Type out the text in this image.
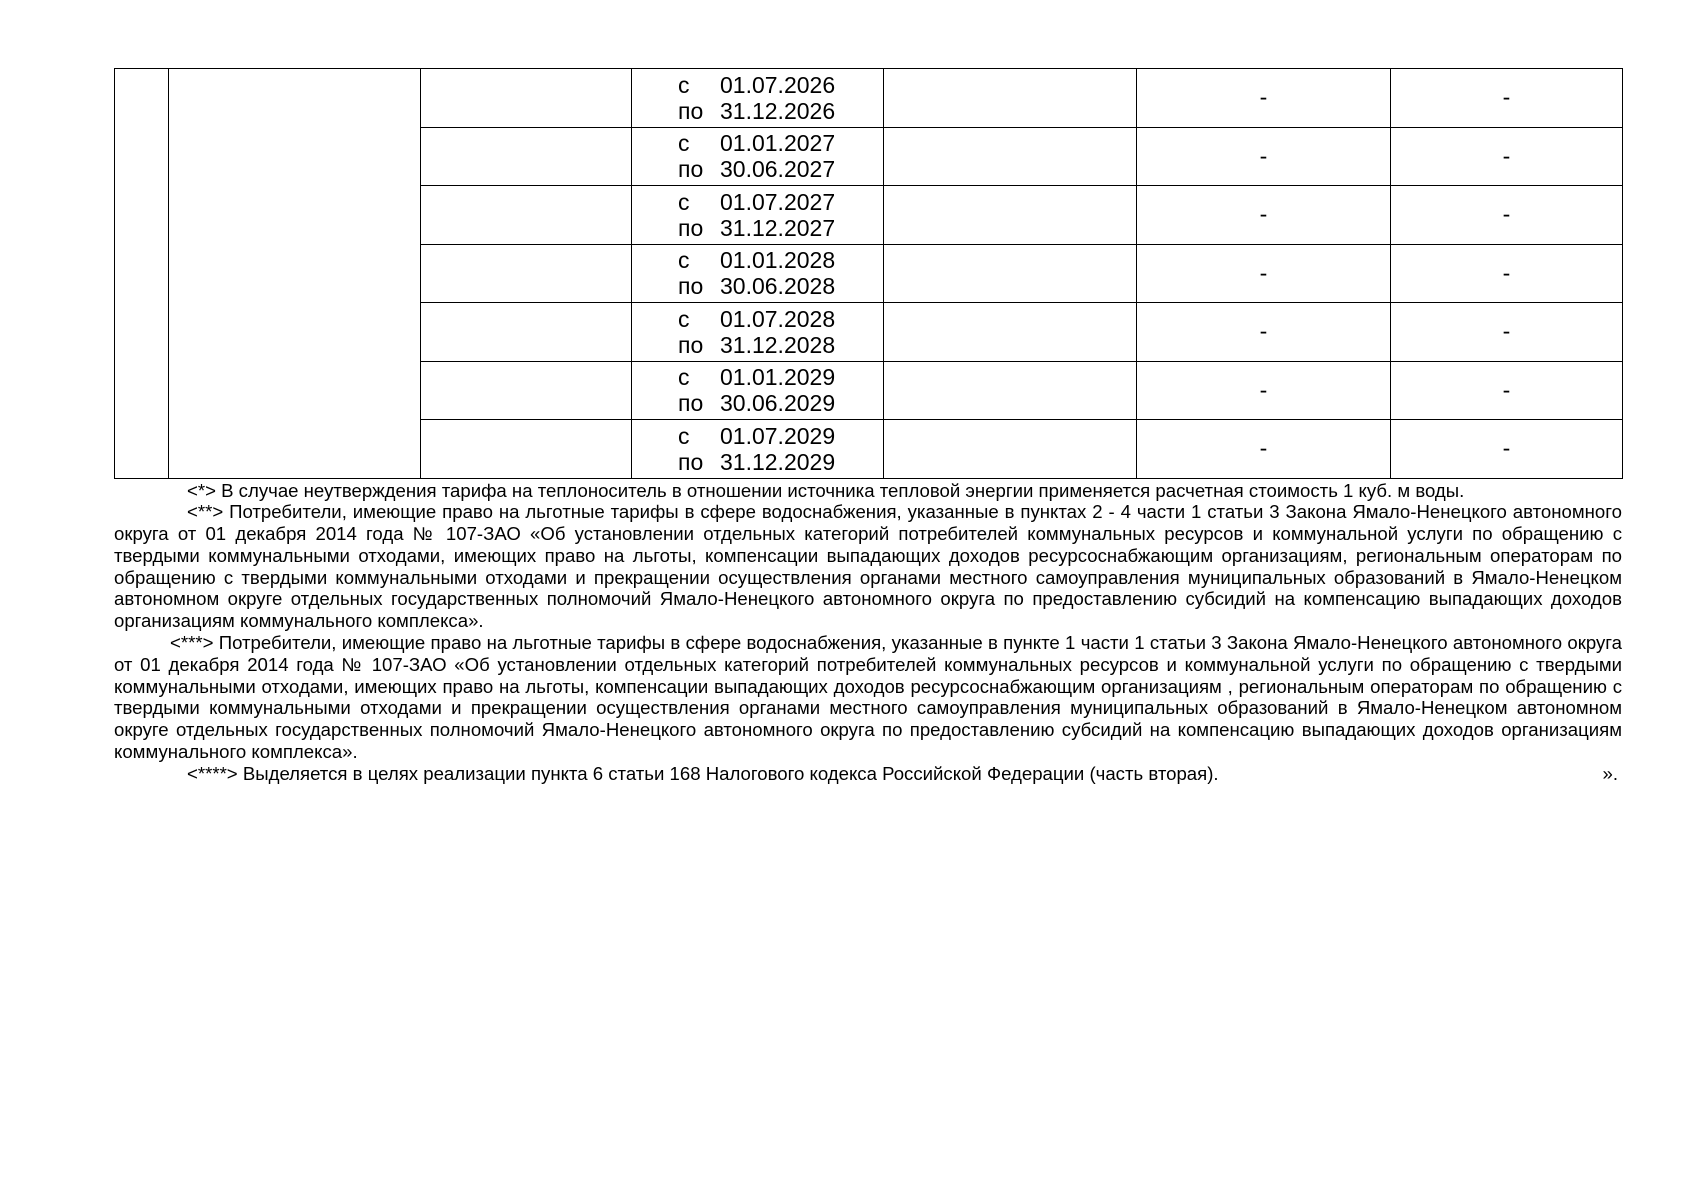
			с 01.07.2026
по 31.12.2026		-	-

			с 01.01.2027
по 30.06.2027		-	-

			с 01.07.2027
по 31.12.2027		-	-

			с 01.01.2028
по 30.06.2028		-	-

			с 01.07.2028
по 31.12.2028		-	-

			с 01.01.2029
по 30.06.2029		-	-

			с 01.07.2029
по 31.12.2029		-	-

<*> В случае неутверждения тарифа на теплоноситель в отношении источника тепловой энергии применяется расчетная стоимость 1 куб. м воды.

<**> Потребители, имеющие право на льготные тарифы в сфере водоснабжения, указанные в пунктах 2 - 4 части 1 статьи 3 Закона Ямало-Ненецкого автономного округа от 01 декабря 2014 года № 107-ЗАО «Об установлении отдельных категорий потребителей коммунальных ресурсов и коммунальной услуги по обращению с твердыми коммунальными отходами, имеющих право на льготы, компенсации выпадающих доходов ресурсоснабжающим организациям, региональным операторам по обращению с твердыми коммунальными отходами и прекращении осуществления органами местного самоуправления муниципальных образований в Ямало-Ненецком автономном округе отдельных государственных полномочий Ямало-Ненецкого автономного округа по предоставлению субсидий на компенсацию выпадающих доходов организациям коммунального комплекса».

<***> Потребители, имеющие право на льготные тарифы в сфере водоснабжения, указанные в пункте 1 части 1 статьи 3 Закона Ямало-Ненецкого автономного округа от 01 декабря 2014 года № 107-ЗАО «Об установлении отдельных категорий потребителей коммунальных ресурсов и коммунальной услуги по обращению с твердыми коммунальными отходами, имеющих право на льготы, компенсации выпадающих доходов ресурсоснабжающим организациям , региональным операторам по обращению с твердыми коммунальными отходами и прекращении осуществления органами местного самоуправления муниципальных образований в Ямало-Ненецком автономном округе отдельных государственных полномочий Ямало-Ненецкого автономного округа по предоставлению субсидий на компенсацию выпадающих доходов организациям коммунального комплекса».

<****> Выделяется в целях реализации пункта 6 статьи 168 Налогового кодекса Российской Федерации (часть вторая).	».
